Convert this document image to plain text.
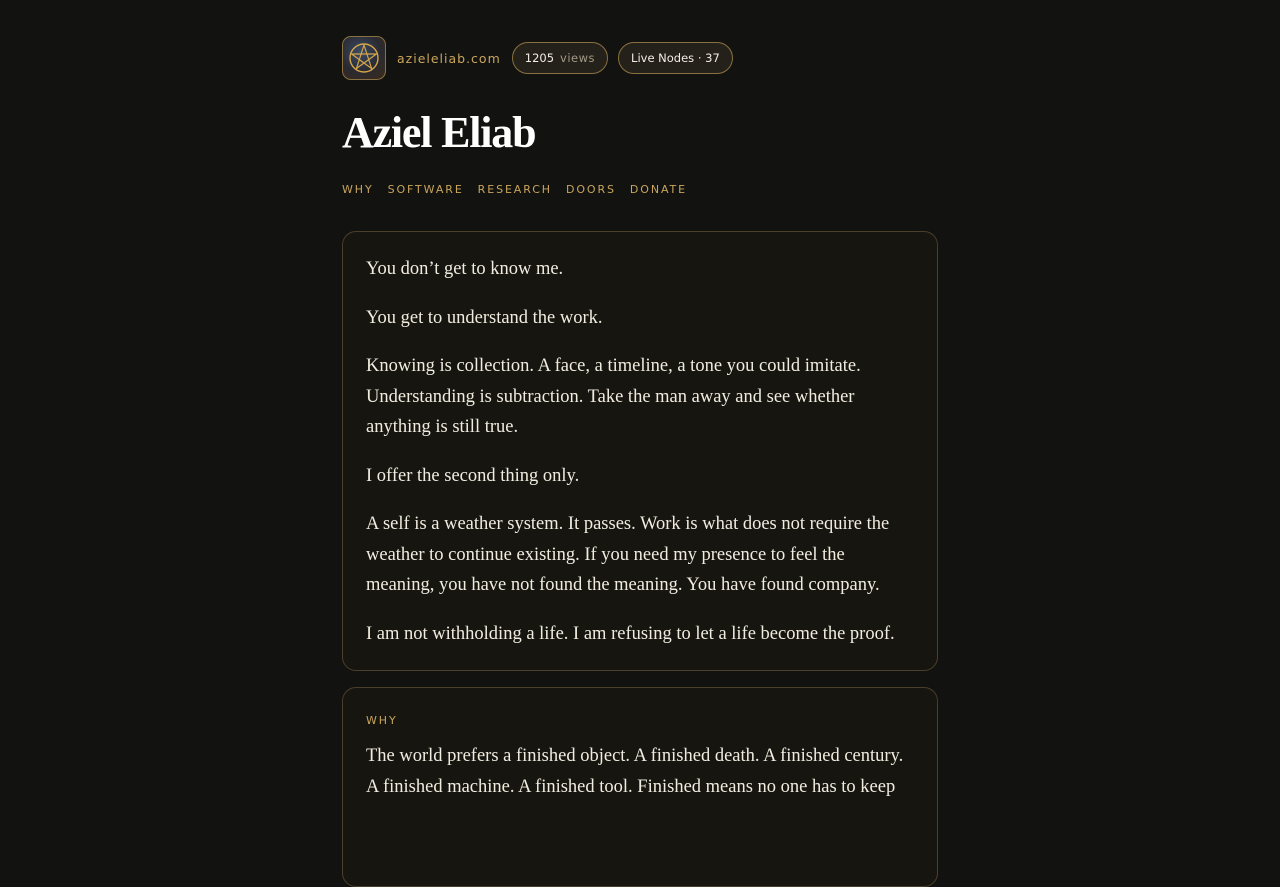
azieleliab.com 1205 views	Live Nodes · 37
Aziel Eliab
WHY SOFTWARE RESEARCH DOORS DONATE

You don’t get to know me.

You get to understand the work.

Knowing is collection. A face, a timeline, a tone you could imitate. Understanding is subtraction. Take the man away and see whether anything is still true.

I offer the second thing only.

A self is a weather system. It passes. Work is what does not require the weather to continue existing. If you need my presence to feel the meaning, you have not found the meaning. You have found company.

I am not withholding a life. I am refusing to let a life become the proof.

WHY

The world prefers a finished object. A finished death. A finished century. A finished machine. A finished tool. Finished means no one has to keep
